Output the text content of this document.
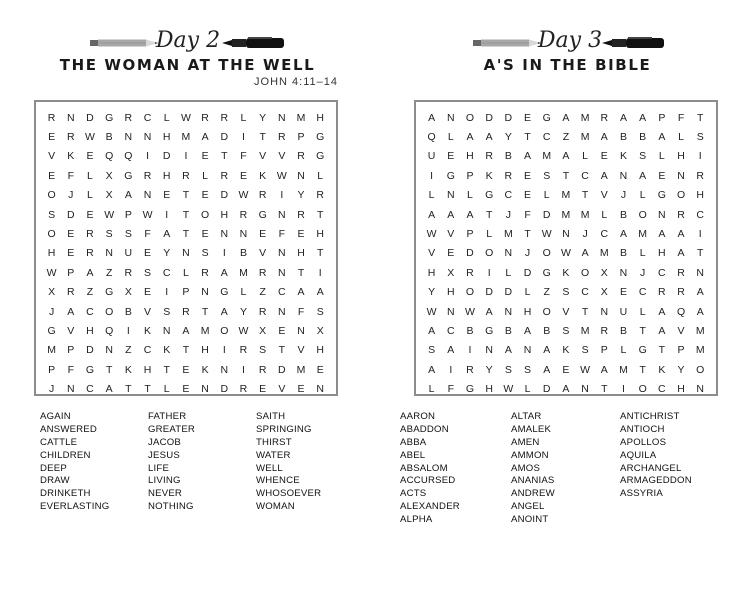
Day 2
THE WOMAN AT THE WELL
JOHN 4:11–14
R	N	D	G	R	C	L	W	R	R	L	Y	N	M	H
E	R	W	B	N	N	H	M	A	D	I	T	R	P	G
V	K	E	Q	Q	I	D	I	E	T	F	V	V	R	G
E	F	L	X	G	R	H	R	L	R	E	K	W	N	L
O	J	L	X	A	N	E	T	E	D	W	R	I	Y	R
S	D	E	W	P	W	I	T	O	H	R	G	N	R	T
O	E	R	S	S	F	A	T	E	N	N	E	F	E	H
H	E	R	N	U	E	Y	N	S	I	B	V	N	H	T
W	P	A	Z	R	S	C	L	R	A	M	R	N	T	I
X	R	Z	G	X	E	I	P	N	G	L	Z	C	A	A
J	A	C	O	B	V	S	R	T	A	Y	R	N	F	S
G	V	H	Q	I	K	N	A	M	O	W	X	E	N	X
M	P	D	N	Z	C	K	T	H	I	R	S	T	V	H
P	F	G	T	K	H	T	E	K	N	I	R	D	M	E
J	N	C	A	T	T	L	E	N	D	R	E	V	E	N
AGAIN
ANSWERED
CATTLE
CHILDREN
DEEP
DRAW
DRINKETH
EVERLASTING
FATHER
GREATER
JACOB
JESUS
LIFE
LIVING
NEVER
NOTHING
SAITH
SPRINGING
THIRST
WATER
WELL
WHENCE
WHOSOEVER
WOMAN
Day 3
A'S IN THE BIBLE
A	N	O	D	D	E	G	A	M	R	A	A	P	F	T
Q	L	A	A	Y	T	C	Z	M	A	B	B	A	L	S
U	E	H	R	B	A	M	A	L	E	K	S	L	H	I
I	G	P	K	R	E	S	T	C	A	N	A	E	N	R
L	N	L	G	C	E	L	M	T	V	J	L	G	O	H
A	A	A	T	J	F	D	M	M	L	B	O	N	R	C
W	V	P	L	M	T	W	N	J	C	A	M	A	A	I
V	E	D	O	N	J	O	W	A	M	B	L	H	A	T
H	X	R	I	L	D	G	K	O	X	N	J	C	R	N
Y	H	O	D	D	L	Z	S	C	X	E	C	R	R	A
W	N	W	A	N	H	O	V	T	N	U	L	A	Q	A
A	C	B	G	B	A	B	S	M	R	B	T	A	V	M
S	A	I	N	A	N	A	K	S	P	L	G	T	P	M
A	I	R	Y	S	S	A	E	W	A	M	T	K	Y	O
L	F	G	H	W	L	D	A	N	T	I	O	C	H	N
AARON
ABADDON
ABBA
ABEL
ABSALOM
ACCURSED
ACTS
ALEXANDER
ALPHA
ALTAR
AMALEK
AMEN
AMMON
AMOS
ANANIAS
ANDREW
ANGEL
ANOINT
ANTICHRIST
ANTIOCH
APOLLOS
AQUILA
ARCHANGEL
ARMAGEDDON
ASSYRIA
